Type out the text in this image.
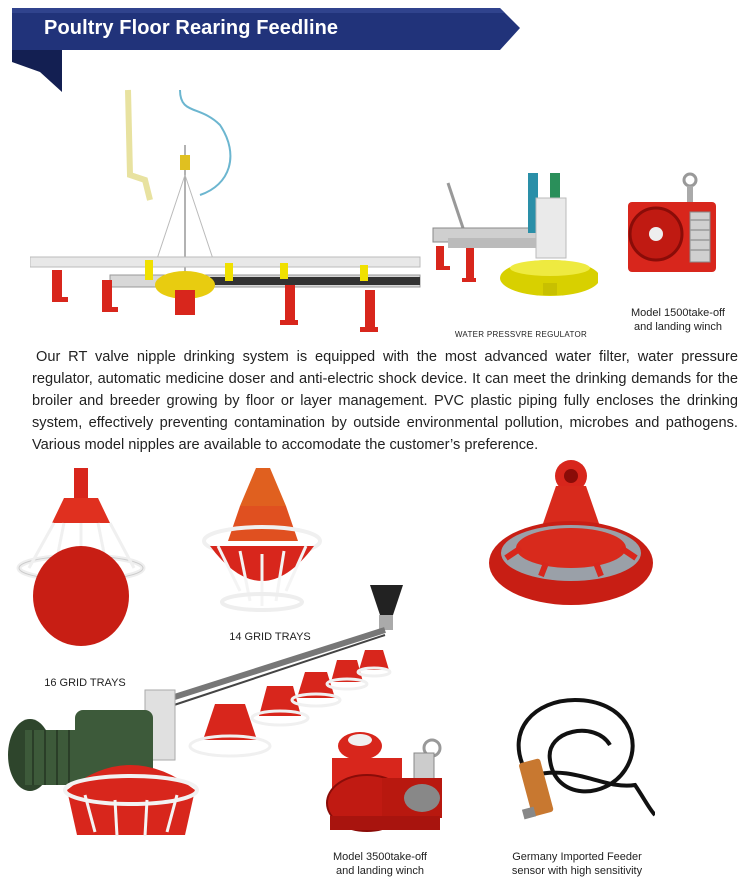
Poultry Floor Rearing Feedline
WATER PRESSVRE REGULATOR
Model 1500take-off
and landing winch
Our RT valve nipple drinking system is equipped with the most advanced water filter, water pressure regulator, automatic medicine doser and anti-electric shock device. It can meet the drinking demands for the broiler and breeder growing by floor or layer management. PVC plastic piping fully encloses the drinking system, effectively preventing contamination by outside environmental pollution, microbes and pathogens. Various model nipples are available to accomodate the customer’s preference.
16 GRID TRAYS
14 GRID TRAYS
Model 3500take-off
and landing winch
Germany Imported Feeder
sensor with high sensitivity
